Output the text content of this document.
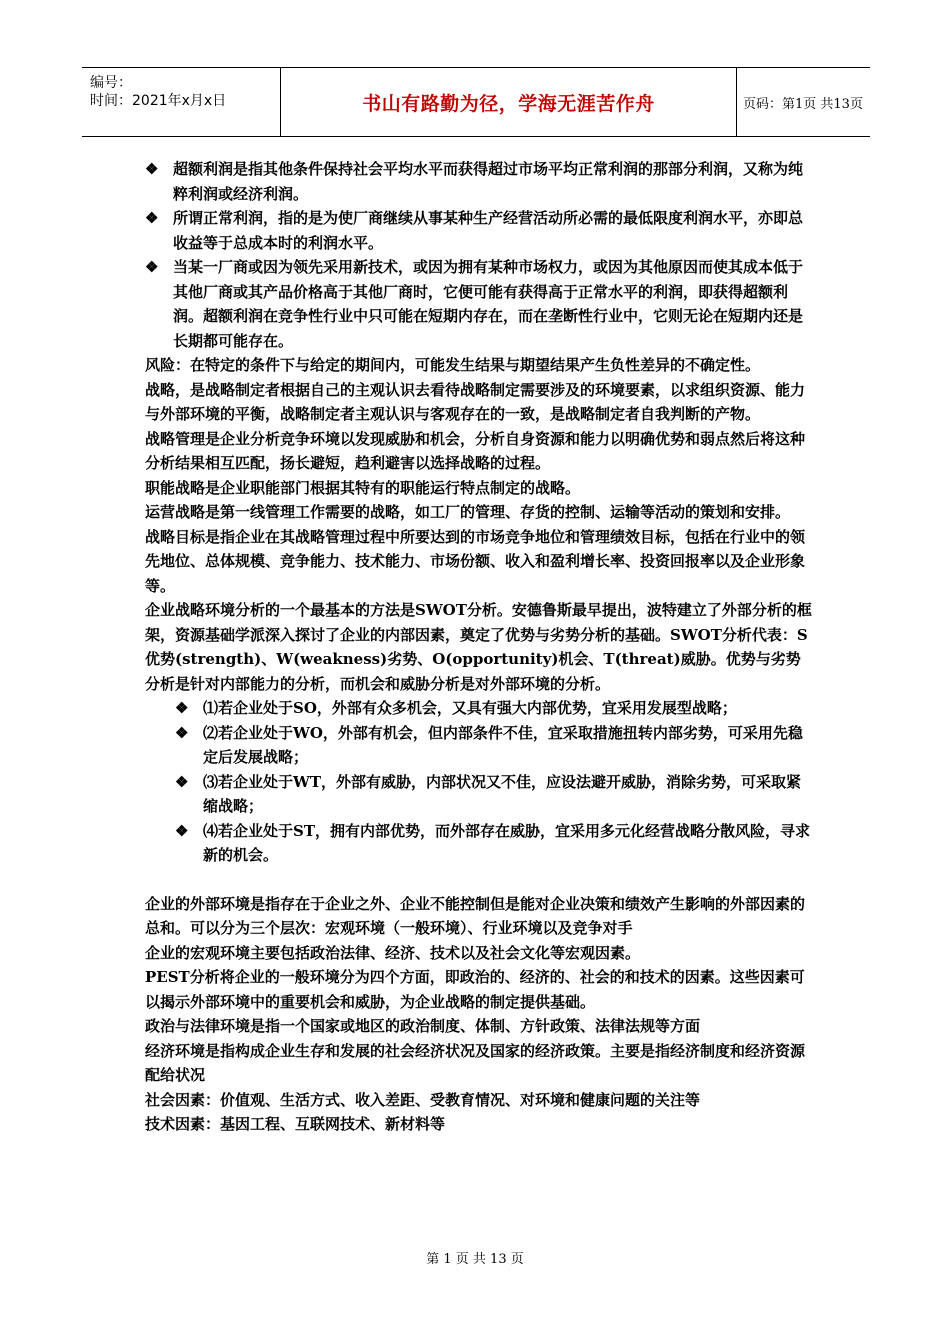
编号：
时间：2021年x月x日	书山有路勤为径，学海无涯苦作舟	页码：第1页 共13页
❖ 超额利润是指其他条件保持社会平均水平而获得超过市场平均正常利润的那部分利润，又称为纯粹利润或经济利润。
❖ 所谓正常利润，指的是为使厂商继续从事某种生产经营活动所必需的最低限度利润水平，亦即总收益等于总成本时的利润水平。
❖ 当某一厂商或因为领先采用新技术，或因为拥有某种市场权力，或因为其他原因而使其成本低于其他厂商或其产品价格高于其他厂商时，它便可能有获得高于正常水平的利润，即获得超额利润。超额利润在竞争性行业中只可能在短期内存在，而在垄断性行业中，它则无论在短期内还是长期都可能存在。

风险：在特定的条件下与给定的期间内，可能发生结果与期望结果产生负性差异的不确定性。

战略，是战略制定者根据自己的主观认识去看待战略制定需要涉及的环境要素，以求组织资源、能力与外部环境的平衡，战略制定者主观认识与客观存在的一致，是战略制定者自我判断的产物。

战略管理是企业分析竞争环境以发现威胁和机会，分析自身资源和能力以明确优势和弱点然后将这种分析结果相互匹配，扬长避短，趋利避害以选择战略的过程。

职能战略是企业职能部门根据其特有的职能运行特点制定的战略。

运营战略是第一线管理工作需要的战略，如工厂的管理、存货的控制、运输等活动的策划和安排。

战略目标是指企业在其战略管理过程中所要达到的市场竞争地位和管理绩效目标，包括在行业中的领先地位、总体规模、竞争能力、技术能力、市场份额、收入和盈利增长率、投资回报率以及企业形象等。

企业战略环境分析的一个最基本的方法是SWOT分析。安德鲁斯最早提出，波特建立了外部分析的框架，资源基础学派深入探讨了企业的内部因素，奠定了优势与劣势分析的基础。SWOT分析代表：S优势(strength)、W(weakness)劣势、O(opportunity)机会、T(threat)威胁。优势与劣势分析是针对内部能力的分析，而机会和威胁分析是对外部环境的分析。

❖ ⑴若企业处于SO，外部有众多机会，又具有强大内部优势，宜采用发展型战略；
❖ ⑵若企业处于WO，外部有机会，但内部条件不佳，宜采取措施扭转内部劣势，可采用先稳定后发展战略；
❖ ⑶若企业处于WT，外部有威胁，内部状况又不佳，应设法避开威胁，消除劣势，可采取紧缩战略；
❖ ⑷若企业处于ST，拥有内部优势，而外部存在威胁，宜采用多元化经营战略分散风险，寻求新的机会。

企业的外部环境是指存在于企业之外、企业不能控制但是能对企业决策和绩效产生影响的外部因素的总和。可以分为三个层次：宏观环境（一般环境）、行业环境以及竞争对手

企业的宏观环境主要包括政治法律、经济、技术以及社会文化等宏观因素。

PEST分析将企业的一般环境分为四个方面，即政治的、经济的、社会的和技术的因素。这些因素可以揭示外部环境中的重要机会和威胁，为企业战略的制定提供基础。

政治与法律环境是指一个国家或地区的政治制度、体制、方针政策、法律法规等方面

经济环境是指构成企业生存和发展的社会经济状况及国家的经济政策。主要是指经济制度和经济资源配给状况

社会因素：价值观、生活方式、收入差距、受教育情况、对环境和健康问题的关注等

技术因素：基因工程、互联网技术、新材料等

第 1 页 共 13 页
